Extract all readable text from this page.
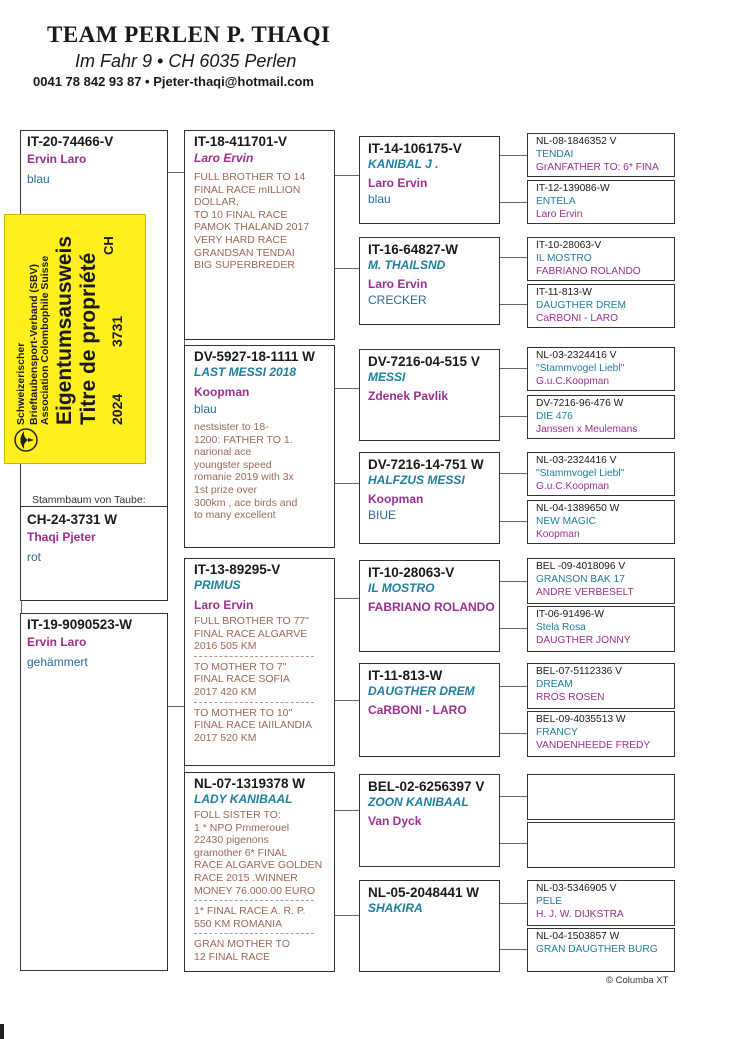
TEAM PERLEN P. THAQI
Im Fahr 9 • CH 6035 Perlen
0041 78 842 93 87 • Pjeter-thaqi@hotmail.com
IT-20-74466-V
Ervin Laro
blau
CH-24-3731 W
Thaqi Pjeter
rot
IT-19-9090523-W
Ervin Laro
gehämmert
Stammbaum von Taube:
Schweizerischer Brieftaubensport-Verband (SBV) Association Colombophile Suisse Eigentumsausweis Titre de propriété 2024
3731
CH
IT-18-411701-V
Laro Ervin

FULL BROTHER TO 14

FINAL RACE mILLION

DOLLAR,

TO 10 FINAL RACE

PAMOK THALAND 2017

VERY HARD RACE

GRANDSAN TENDAI

BIG SUPERBREDER

DV-5927-18-1111 W
LAST MESSI 2018
Koopman
blau

nestsister to 18-

1200: FATHER TO 1.

narional ace

youngster speed

romanie 2019 with 3x

1st prize over

300km , ace birds and

to many excellent

IT-13-89295-V
PRIMUS
Laro Ervin

FULL BROTHER TO 77"

FINAL RACE ALGARVE

2016 505 KM

TO MOTHER TO 7"

FINAL RACE SOFIA

2017 420 KM

TO MOTHER TO 10"

FINAL RACE tAIILANDIA

2017 520 KM

NL-07-1319378 W
LADY KANIBAAL

FOLL SISTER TO:

1 * NPO Pmmerouel

22430 pigenons

gramother 6* FINAL

RACE ALGARVE GOLDEN

RACE 2015 .WINNER

MONEY 76.000.00 EURO

1* FINAL RACE A. R. P.

550 KM ROMANIA

GRAN MOTHER TO

12 FINAL RACE

IT-14-106175-V
KANIBAL J .
Laro Ervin
blau
IT-16-64827-W
M. THAILSND
Laro Ervin
CRECKER
DV-7216-04-515 V
MESSI
Zdenek Pavlik
DV-7216-14-751 W
HALFZUS MESSI
Koopman
BIUE
IT-10-28063-V
IL MOSTRO
FABRIANO ROLANDO
IT-11-813-W
DAUGTHER DREM
CaRBONI - LARO
BEL-02-6256397 V
ZOON KANIBAAL
Van Dyck
NL-05-2048441 W
SHAKIRA
NL-08-1846352 V
TENDAI
GrANFATHER TO: 6* FINA
IT-12-139086-W
ENTELA
Laro Ervin
IT-10-28063-V
IL MOSTRO
FABRIANO ROLANDO
IT-11-813-W
DAUGTHER DREM
CaRBONI - LARO
NL-03-2324416 V
"Stammvogel Liebl"
G.u.C.Koopman
DV-7216-96-476 W
DIE 476
Janssen x Meulemans
NL-03-2324416 V
"Stammvogel Liebl"
G.u.C.Koopman
NL-04-1389650 W
NEW MAGIC
Koopman
BEL -09-4018096 V
GRANSON BAK 17
ANDRE VERBESELT
IT-06-91496-W
Stela Rosa
DAUGTHER JONNY
BEL-07-5112336 V
DREAM
RROS ROSEN
BEL-09-4035513 W
FRANCY
VANDENHEEDE FREDY
NL-03-5346905 V
PELE
H. J. W. DIJKSTRA
NL-04-1503857 W
GRAN DAUGTHER BURG
© Columba XT
